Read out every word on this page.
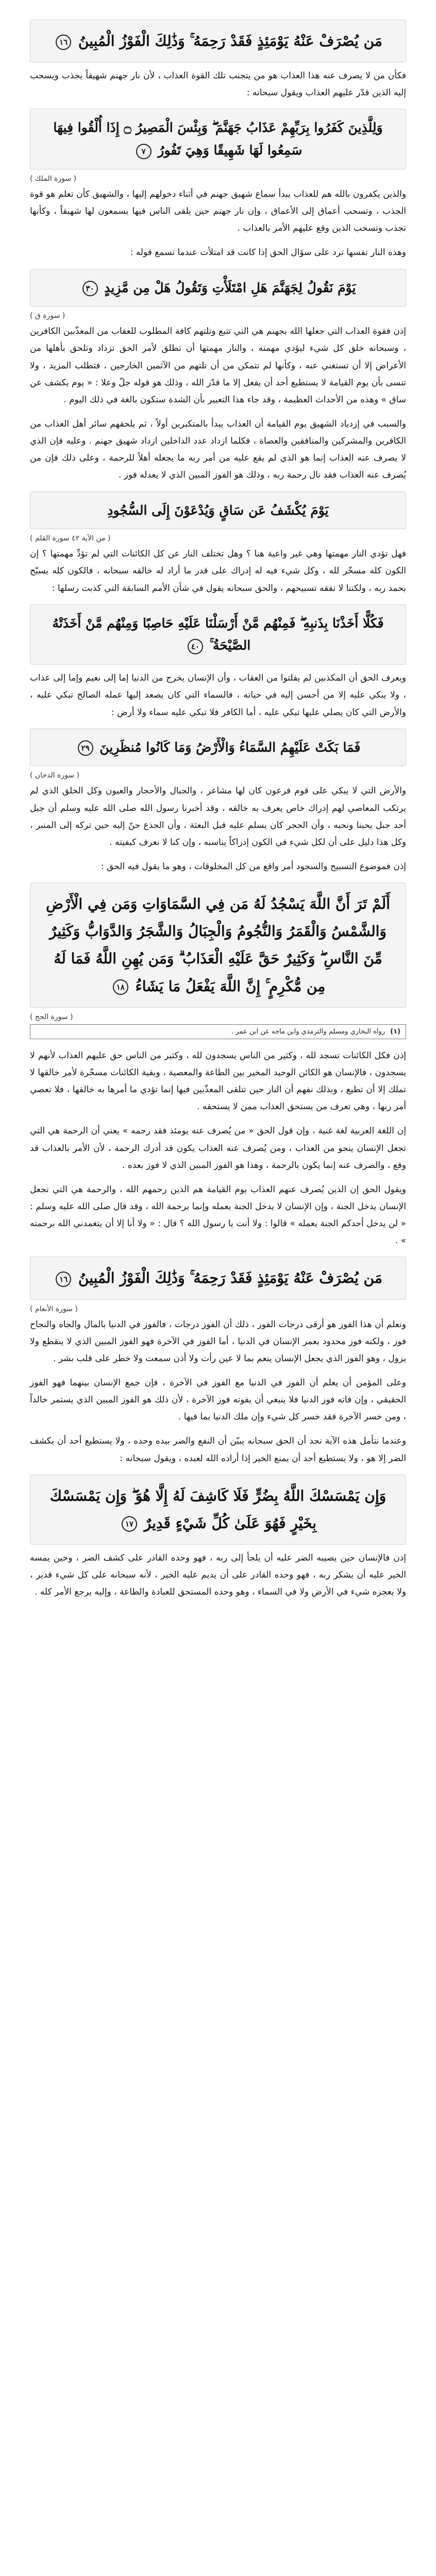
مَن يُصْرَفْ عَنْهُ يَوْمَئِذٍ فَقَدْ رَحِمَهُ ۚ وَذَٰلِكَ الْفَوْزُ الْمُبِينُ ١٦

فكأن من لا يصرف عنه هذا العذاب هو من يتجنب تلك القوة العذاب ، لأن نار جهنم شهيقاً يجذب ويسحب إليه الذين قدّر عليهم العذاب ويقول سبحانه :

وَلِلَّذِينَ كَفَرُوا بِرَبِّهِمْ عَذَابُ جَهَنَّمَ ۖ وَبِئْسَ الْمَصِيرُ ۝ إِذَا أُلْقُوا فِيهَا سَمِعُوا لَهَا شَهِيقًا وَهِيَ تَفُورُ ٧
( سورة الملك )

والذين يكفرون بالله هم للعذاب يبدأ سماع شهيق جهنم في أثناء دخولهم إليها ، والشهيق كأن تعلم هو قوة الجذب ، وتسحب أعماق إلى الأعماق ، وإن نار جهنم حين يلقى الناس فيها يسمعون لها شهيقاً ، وكأنها تجذب وتسحب الذين وقع عليهم الأمر بالعذاب .

وهذه النار تفسها ترد على سؤال الحق إذا كانت قد امتلأت عندما تسمع قوله :

يَوْمَ نَقُولُ لِجَهَنَّمَ هَلِ امْتَلَأْتِ وَتَقُولُ هَلْ مِن مَّزِيدٍ ٣٠
( سورة ق )

إذن فقوة العذاب التي جعلها الله بجهنم هي التي تتبع وتلتهم كافة المطلوب للعقاب من المعذّبين الكافرين ، وسبحانه خلق كل شيء ليؤدي مهمته ، والنار مهمتها أن تطلق لأمر الحق تزداد وتلحق بأهلها من الأعراض إلا أن تستغني عنه ، وكأنها لم تتمكن من أن تلتهم من الآثمين الخارجين ، فتطلب المزيد ، ولا تنسى بأن يوم القيامة لا يستطيع أحد أن يفعل إلا ما قدّر الله ، وذلك هو قوله جلّ وعلا : « يوم يكشف عن ساق » وهذه من الأحداث العظيمة ، وقد جاء هذا التعبير بأن الشدة ستكون بالغة في ذلك اليوم .

والسبب في إزدياد الشهيق يوم القيامة أن العذاب يبدأ بالمتكبرين أولاً ، ثم يلحقهم سائر أهل العذاب من الكافرين والمشركين والمنافقين والعصاة ، فكلما ازداد عدد الداخلين ازداد شهيق جهنم . وعليه فإن الذي لا يصرف عنه العذاب إنما هو الذي لم يقع عليه من أمر ربه ما يجعله أهلاً للرحمة ، وعلى ذلك فإن من يُصرف عنه العذاب فقد نال رحمة ربه ، وذلك هو الفوز المبين الذي لا يعدله فوز .

يَوْمَ يُكْشَفُ عَن سَاقٍ وَيُدْعَوْنَ إِلَى السُّجُودِ
( من الآية ٤٢ سورة القلم )

فهل تؤدي النار مهمتها وهي غير واعية هنا ؟ وهل تختلف النار عن كل الكائنات التي لم تؤدِّ مهمتها ؟ إن الكون كله مسخّر لله ، وكل شيء فيه له إدراك على قدر ما أراد له خالقه سبحانه ، فالكون كله يسبّح بحمد ربه ، ولكننا لا نفقه تسبيحهم ، والحق سبحانه يقول في شأن الأمم السابقة التي كذبت رسلها :

فَكُلًّا أَخَذْنَا بِذَنبِهِ ۖ فَمِنْهُم مَّنْ أَرْسَلْنَا عَلَيْهِ حَاصِبًا وَمِنْهُم مَّنْ أَخَذَتْهُ الصَّيْحَةُ ۚ ٤٠

ويعرف الحق أن المكذبين لم يفلتوا من العقاب ، وأن الإنسان يخرج من الدنيا إما إلى نعيم وإما إلى عذاب ، ولا يبكي عليه إلا من أحسن إليه في حياته ، فالسماء التي كان يصعد إليها عمله الصالح تبكي عليه ، والأرض التي كان يصلي عليها تبكي عليه ، أما الكافر فلا تبكي عليه سماء ولا أرض :

فَمَا بَكَتْ عَلَيْهِمُ السَّمَاءُ وَالْأَرْضُ وَمَا كَانُوا مُنظَرِينَ ٢٩
( سورة الدخان )

والأرض التي لا يبكي على قوم فرعون كان لها مشاعر ، والجبال والأحجار والعيون وكل الخلق الذي لم يرتكب المعاصي لهم إدراك خاص يعرف به خالقه ، وقد أخبرنا رسول الله صلى الله عليه وسلم أن جبل أحد جبل يحبنا ونحبه ، وأن الحجر كان يسلم عليه قبل البعثة ، وأن الجذع حنّ إليه حين تركه إلى المنبر ، وكل هذا دليل على أن لكل شيء في الكون إدراكاً يناسبه ، وإن كنا لا نعرف كيفيته .

إذن فموضوع التسبيح والسجود أمر واقع من كل المخلوقات ، وهو ما يقول فيه الحق :

أَلَمْ تَرَ أَنَّ اللَّهَ يَسْجُدُ لَهُ مَن فِي السَّمَاوَاتِ وَمَن فِي الْأَرْضِ وَالشَّمْسُ وَالْقَمَرُ وَالنُّجُومُ وَالْجِبَالُ وَالشَّجَرُ وَالدَّوَابُّ وَكَثِيرٌ مِّنَ النَّاسِ ۖ وَكَثِيرٌ حَقَّ عَلَيْهِ الْعَذَابُ ۗ وَمَن يُهِنِ اللَّهُ فَمَا لَهُ مِن مُّكْرِمٍ ۚ إِنَّ اللَّهَ يَفْعَلُ مَا يَشَاءُ ١٨
( سورة الحج )
(١) رواه البخاري ومسلم والترمذي وابن ماجه عن ابن عمر .

إذن فكل الكائنات تسجد لله ، وكثير من الناس يسجدون لله ، وكثير من الناس حق عليهم العذاب لأنهم لا يسجدون ، فالإنسان هو الكائن الوحيد المخير بين الطاعة والمعصية ، وبقية الكائنات مسخّرة لأمر خالقها لا تملك إلا أن تطيع ، وبذلك نفهم أن النار حين تتلقى المعذّبين فيها إنما تؤدي ما أمرها به خالقها ، فلا تعصي أمر ربها ، وهي تعرف من يستحق العذاب ممن لا يستحقه .

إن اللغة العربية لغة غنية ، وإن قول الحق « من يُصرف عنه يومئذ فقد رحمه » يعني أن الرحمة هي التي تجعل الإنسان ينجو من العذاب ، ومن يُصرف عنه العذاب يكون قد أدرك الرحمة ، لأن الأمر بالعذاب قد وقع ، والصرف عنه إنما يكون بالرحمة ، وهذا هو الفوز المبين الذي لا فوز بعده .

ويقول الحق إن الذين يُصرف عنهم العذاب يوم القيامة هم الذين رحمهم الله ، والرحمة هي التي تجعل الإنسان يدخل الجنة ، وإن الإنسان لا يدخل الجنة بعمله وإنما برحمة الله ، وقد قال صلى الله عليه وسلم : « لن يدخل أحدكم الجنة بعمله » قالوا : ولا أنت يا رسول الله ؟ قال : « ولا أنا إلا أن يتغمدني الله برحمته » .

مَن يُصْرَفْ عَنْهُ يَوْمَئِذٍ فَقَدْ رَحِمَهُ ۚ وَذَٰلِكَ الْفَوْزُ الْمُبِينُ ١٦
( سورة الأنعام )

ونعلم أن هذا الفوز هو أرقى درجات الفوز ، ذلك أن الفوز درجات ، فالفوز في الدنيا بالمال والجاه والنجاح فوز ، ولكنه فوز محدود بعمر الإنسان في الدنيا ، أما الفوز في الآخرة فهو الفوز المبين الذي لا ينقطع ولا يزول ، وهو الفوز الذي يجعل الإنسان ينعم بما لا عين رأت ولا أذن سمعت ولا خطر على قلب بشر .

وعلى المؤمن أن يعلم أن الفوز في الدنيا مع الفوز في الآخرة ، فإن جمع الإنسان بينهما فهو الفوز الحقيقي ، وإن فاته فوز الدنيا فلا ينبغي أن يفوته فوز الآخرة ، لأن ذلك هو الفوز المبين الذي يستمر خالداً ، ومن خسر الآخرة فقد خسر كل شيء وإن ملك الدنيا بما فيها .

وعندما نتأمل هذه الآية نجد أن الحق سبحانه يبيّن أن النفع والضر بيده وحده ، ولا يستطيع أحد أن يكشف الضر إلا هو ، ولا يستطيع أحد أن يمنع الخير إذا أراده الله لعبده ، ويقول سبحانه :

وَإِن يَمْسَسْكَ اللَّهُ بِضُرٍّ فَلَا كَاشِفَ لَهُ إِلَّا هُوَ ۖ وَإِن يَمْسَسْكَ بِخَيْرٍ فَهُوَ عَلَىٰ كُلِّ شَيْءٍ قَدِيرٌ ١٧

إذن فالإنسان حين يصيبه الضر عليه أن يلجأ إلى ربه ، فهو وحده القادر على كشف الضر ، وحين يمسه الخير عليه أن يشكر ربه ، فهو وحده القادر على أن يديم عليه الخير ، لأنه سبحانه على كل شيء قدير ، ولا يعجزه شيء في الأرض ولا في السماء ، وهو وحده المستحق للعبادة والطاعة ، وإليه يرجع الأمر كله .
